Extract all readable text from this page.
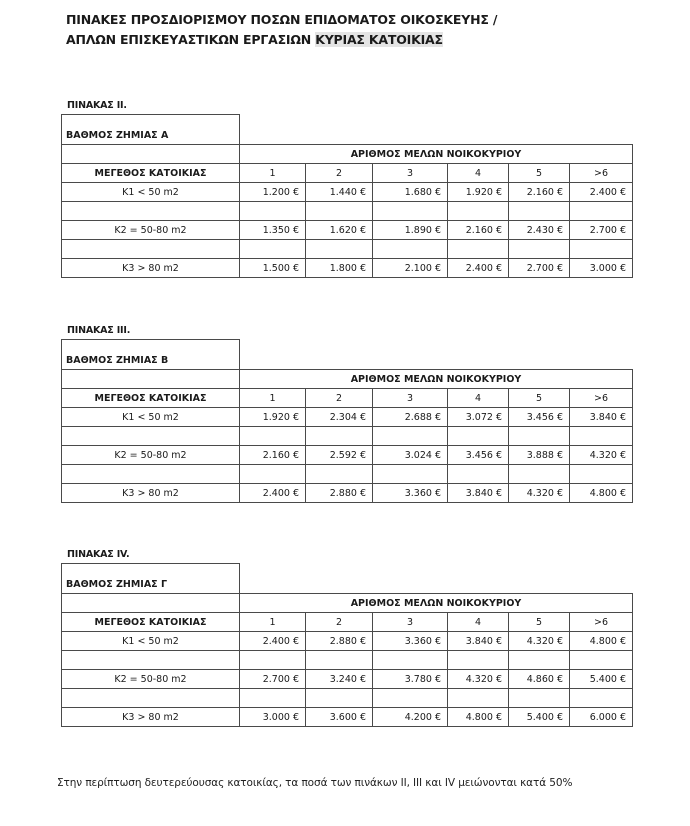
ΠΙΝΑΚΕΣ ΠΡΟΣΔΙΟΡΙΣΜΟΥ ΠΟΣΩΝ ΕΠΙΔΟΜΑΤΟΣ ΟΙΚΟΣΚΕΥΗΣ /
ΑΠΛΩΝ ΕΠΙΣΚΕΥΑΣΤΙΚΩΝ ΕΡΓΑΣΙΩΝ ΚΥΡΙΑΣ ΚΑΤΟΙΚΙΑΣ
ΠΙΝΑΚΑΣ ΙΙ.
ΒΑΘΜΟΣ ΖΗΜΙΑΣ Α						
	ΑΡΙΘΜΟΣ ΜΕΛΩΝ ΝΟΙΚΟΚΥΡΙΟΥ					
ΜΕΓΕΘΟΣ ΚΑΤΟΙΚΙΑΣ	1	2	3	4	5	>6
Κ1 < 50 m2	1.200 €	1.440 €	1.680 €	1.920 €	2.160 €	2.400 €

Κ2 = 50-80 m2	1.350 €	1.620 €	1.890 €	2.160 €	2.430 €	2.700 €

Κ3 > 80 m2	1.500 €	1.800 €	2.100 €	2.400 €	2.700 €	3.000 €
ΠΙΝΑΚΑΣ ΙΙΙ.
ΒΑΘΜΟΣ ΖΗΜΙΑΣ Β						
	ΑΡΙΘΜΟΣ ΜΕΛΩΝ ΝΟΙΚΟΚΥΡΙΟΥ					
ΜΕΓΕΘΟΣ ΚΑΤΟΙΚΙΑΣ	1	2	3	4	5	>6
Κ1 < 50 m2	1.920 €	2.304 €	2.688 €	3.072 €	3.456 €	3.840 €

Κ2 = 50-80 m2	2.160 €	2.592 €	3.024 €	3.456 €	3.888 €	4.320 €

Κ3 > 80 m2	2.400 €	2.880 €	3.360 €	3.840 €	4.320 €	4.800 €
ΠΙΝΑΚΑΣ IV.
ΒΑΘΜΟΣ ΖΗΜΙΑΣ Γ						
	ΑΡΙΘΜΟΣ ΜΕΛΩΝ ΝΟΙΚΟΚΥΡΙΟΥ					
ΜΕΓΕΘΟΣ ΚΑΤΟΙΚΙΑΣ	1	2	3	4	5	>6
Κ1 < 50 m2	2.400 €	2.880 €	3.360 €	3.840 €	4.320 €	4.800 €

Κ2 = 50-80 m2	2.700 €	3.240 €	3.780 €	4.320 €	4.860 €	5.400 €

Κ3 > 80 m2	3.000 €	3.600 €	4.200 €	4.800 €	5.400 €	6.000 €
Στην περίπτωση δευτερεύουσας κατοικίας, τα ποσά των πινάκων ΙΙ, ΙΙΙ και IV μειώνονται κατά 50%
